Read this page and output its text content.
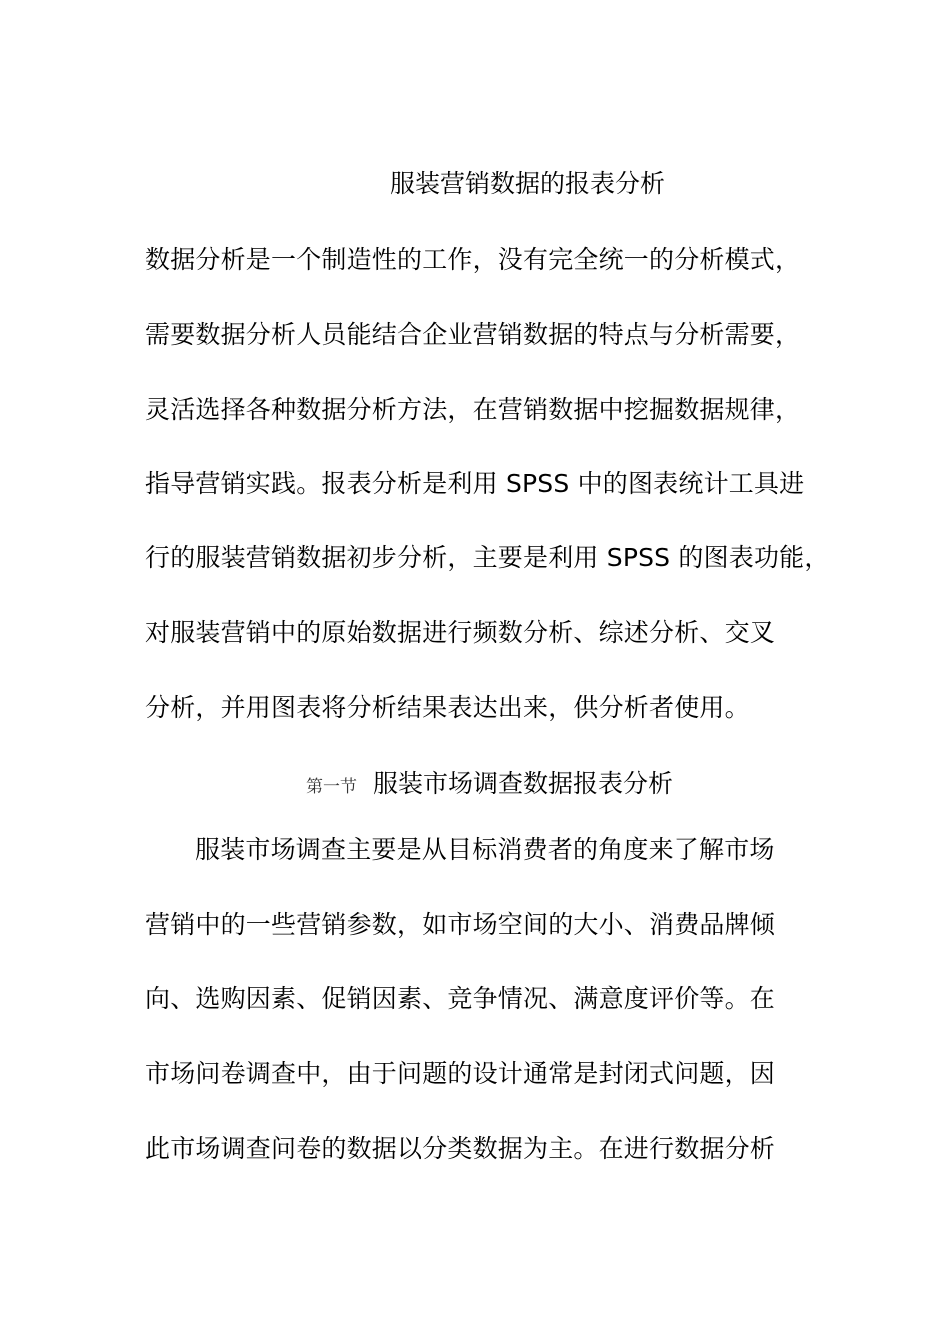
服装营销数据的报表分析
数据分析是一个制造性的工作，没有完全统一的分析模式，
需要数据分析人员能结合企业营销数据的特点与分析需要，
灵活选择各种数据分析方法，在营销数据中挖掘数据规律，
指导营销实践。报表分析是利用 SPSS 中的图表统计工具进
行的服装营销数据初步分析，主要是利用 SPSS 的图表功能，
对服装营销中的原始数据进行频数分析、综述分析、交叉
分析，并用图表将分析结果表达出来，供分析者使用。
第一节 服装市场调查数据报表分析
服装市场调查主要是从目标消费者的角度来了解市场
营销中的一些营销参数，如市场空间的大小、消费品牌倾
向、选购因素、促销因素、竞争情况、满意度评价等。在
市场问卷调查中，由于问题的设计通常是封闭式问题，因
此市场调查问卷的数据以分类数据为主。在进行数据分析
